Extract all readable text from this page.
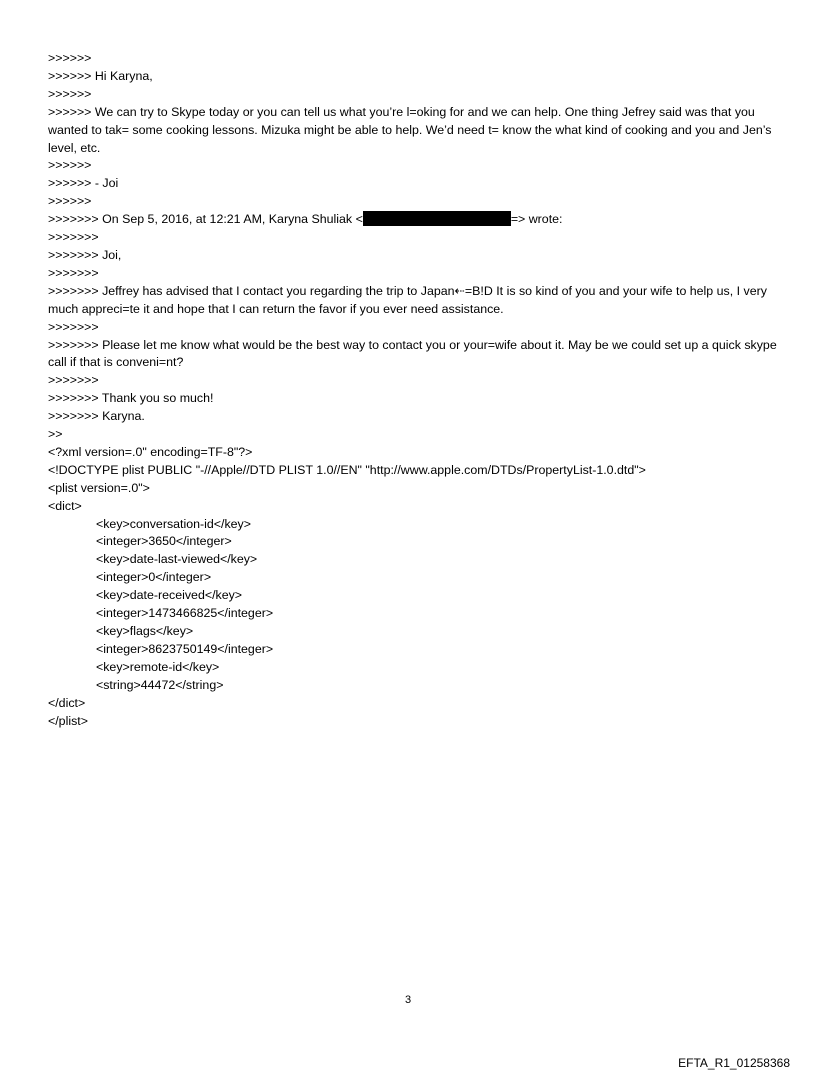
>>>>>>
>>>>>> Hi Karyna,
>>>>>>
>>>>>> We can try to Skype today or you can tell us what you’re l=oking for and we can help. One thing Jefrey said was that you wanted to tak= some cooking lessons. Mizuka might be able to help. We’d need t= know the what kind of cooking and you and Jen’s level, etc.
>>>>>>
>>>>>> - Joi
>>>>>>
>>>>>>> On Sep 5, 2016, at 12:21 AM, Karyna Shuliak <	=> wrote:
>>>>>>>
>>>>>>> Joi,
>>>>>>>
>>>>>>> Jeffrey has advised that I contact you regarding the trip to Japan⇠=B!D It is so kind of you and your wife to help us, I very much appreci=te it and hope that I can return the favor if you ever need assistance.
>>>>>>>
>>>>>>> Please let me know what would be the best way to contact you or your=wife about it. May be we could set up a quick skype call if that is conveni=nt?
>>>>>>>
>>>>>>> Thank you so much!
>>>>>>> Karyna.
>>
<?xml version=.0" encoding=TF-8"?>
<!DOCTYPE plist PUBLIC "-//Apple//DTD PLIST 1.0//EN" "http://www.apple.com/DTDs/PropertyList-1.0.dtd">
<plist version=.0">
<dict>
<key>conversation-id</key>
<integer>3650</integer>
<key>date-last-viewed</key>
<integer>0</integer>
<key>date-received</key>
<integer>1473466825</integer>
<key>flags</key>
<integer>8623750149</integer>
<key>remote-id</key>
<string>44472</string>
</dict>
</plist>
3
EFTA_R1_01258368
